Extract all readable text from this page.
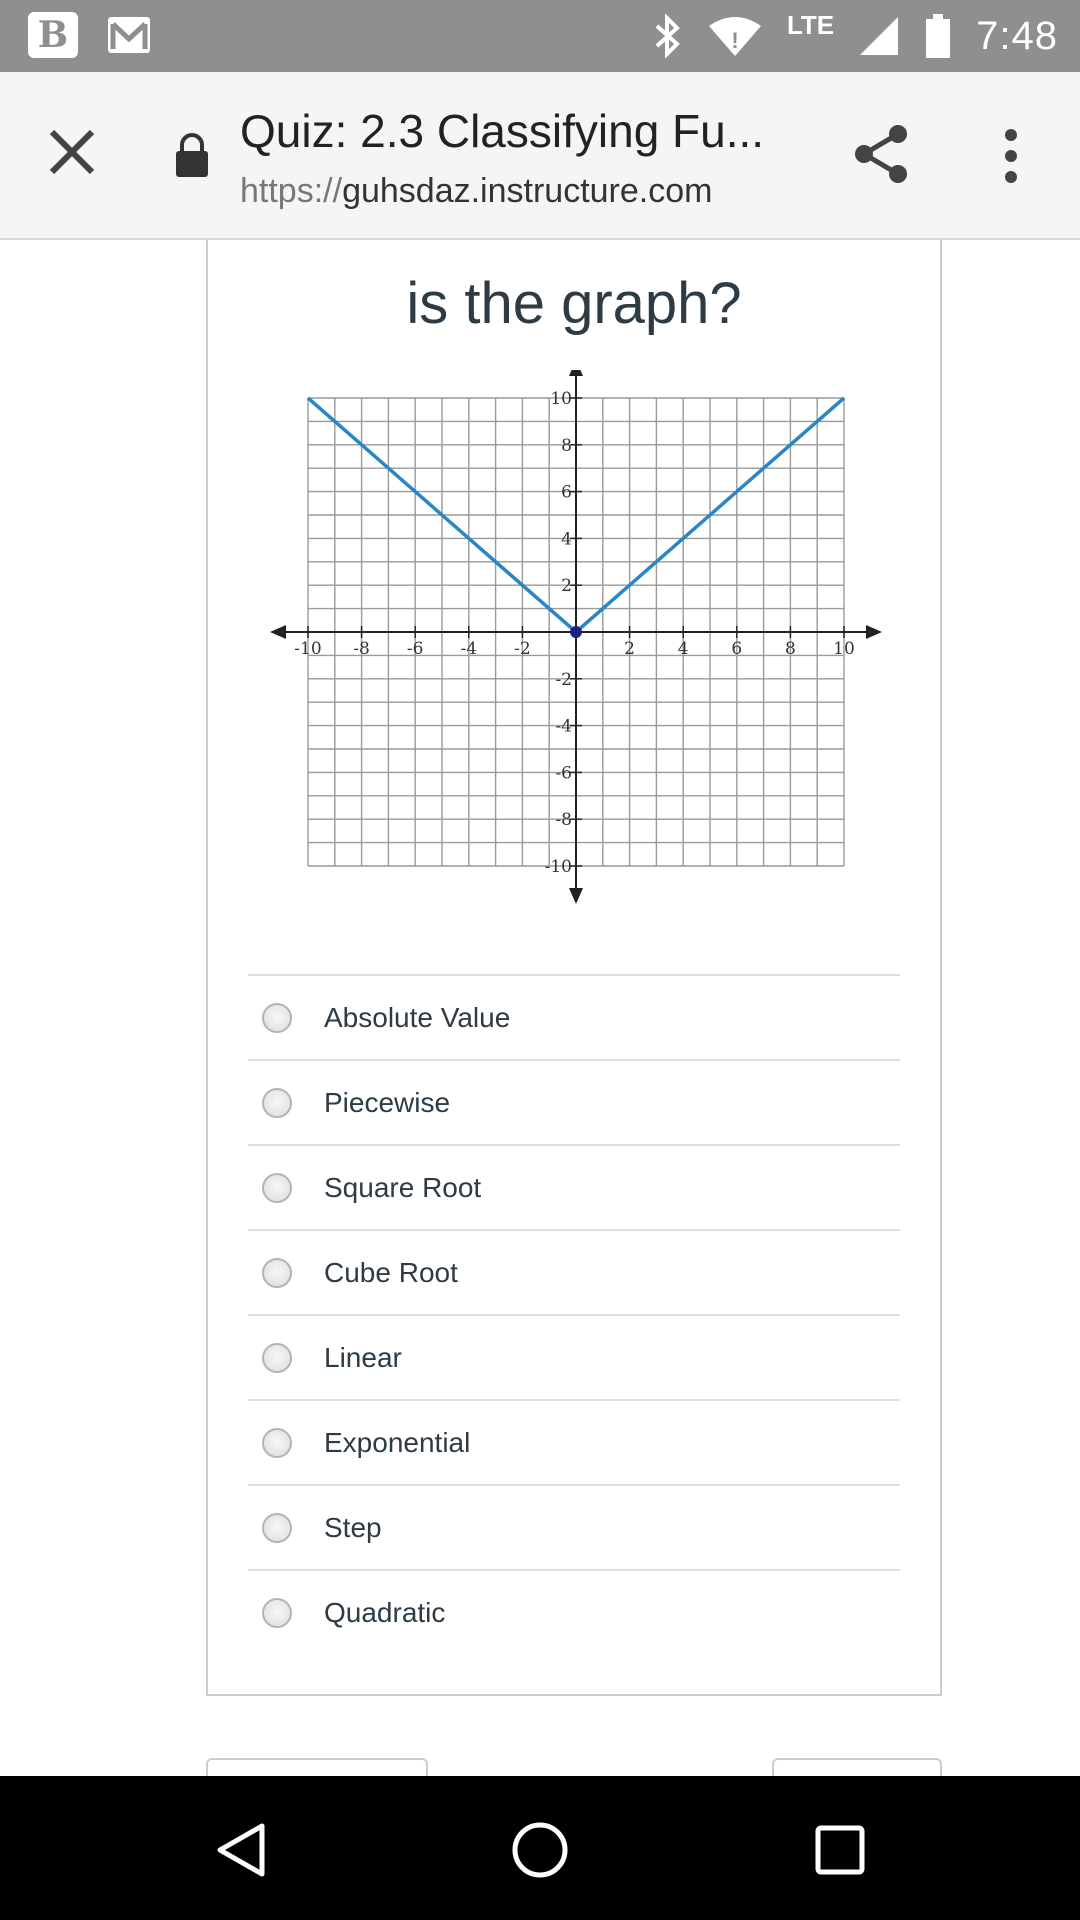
B	!
LTE	7:48
Quiz: 2.3 Classifying Fu...
https://guhsdaz.instructure.com
is the graph?
-10 -8 -6 -4 -2	2	4	6	8 10
-10
-8
-6
-4
-2
2
4
6
8
10
Absolute Value
Piecewise
Square Root
Cube Root
Linear
Exponential
Step
Quadratic
